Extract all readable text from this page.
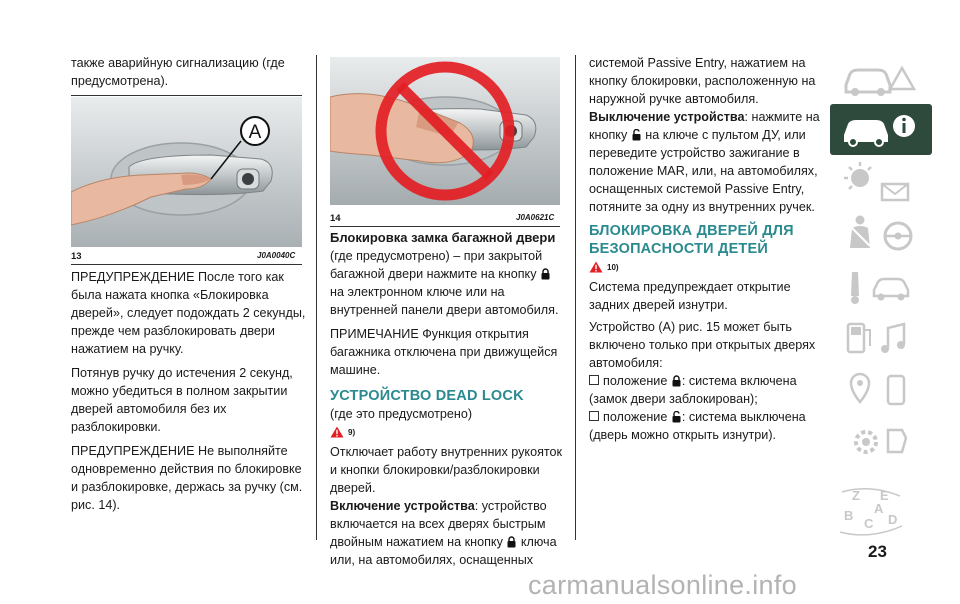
также аварийную сигнализацию (где предусмотрена).

A
13	J0A0040C

ПРЕДУПРЕЖДЕНИЕ После того как была нажата кнопка «Блокировка дверей», следует подождать 2 секунды, прежде чем разблокировать двери нажатием на ручку.

Потянув ручку до истечения 2 секунд, можно убедиться в полном закрытии дверей автомобиля без их разблокировки.

ПРЕДУПРЕЖДЕНИЕ Не выполняйте одновременно действия по блокировке и разблокировке, держась за ручку (см. рис. 14).

14	J0A0621C

Блокировка замка багажной двери

(где предусмотрено) – при закрытой багажной двери нажмите на кнопку  на электронном ключе или на внутренней панели двери автомобиля.

ПРИМЕЧАНИЕ Функция открытия багажника отключена при движущейся машине.

УСТРОЙСТВО DEAD LOCK

(где это предусмотрено)

9)

Отключает работу внутренних рукояток и кнопки блокировки/разблокировки дверей.

Включение устройства: устройство включается на всех дверях быстрым двойным нажатием на кнопку ключа или, на автомобилях, оснащенных

системой Passive Entry, нажатием на кнопку блокировки, расположенную на наружной ручке автомобиля.

Выключение устройства: нажмите на кнопку на ключе с пультом ДУ, или переведите устройство зажигание в положение MAR, или, на автомобилях, оснащенных системой Passive Entry, потяните за одну из внутренних ручек.

БЛОКИРОВКА ДВЕРЕЙ ДЛЯ БЕЗОПАСНОСТИ ДЕТЕЙ

10)

Система предупреждает открытие задних дверей изнутри.

Устройство (A) рис. 15 может быть включено только при открытых дверях автомобиля:

положение : система включена (замок двери заблокирован);

положение : система выключена (дверь можно открыть изнутри).

Z E
B
C D
A
23
carmanualsonline.info
